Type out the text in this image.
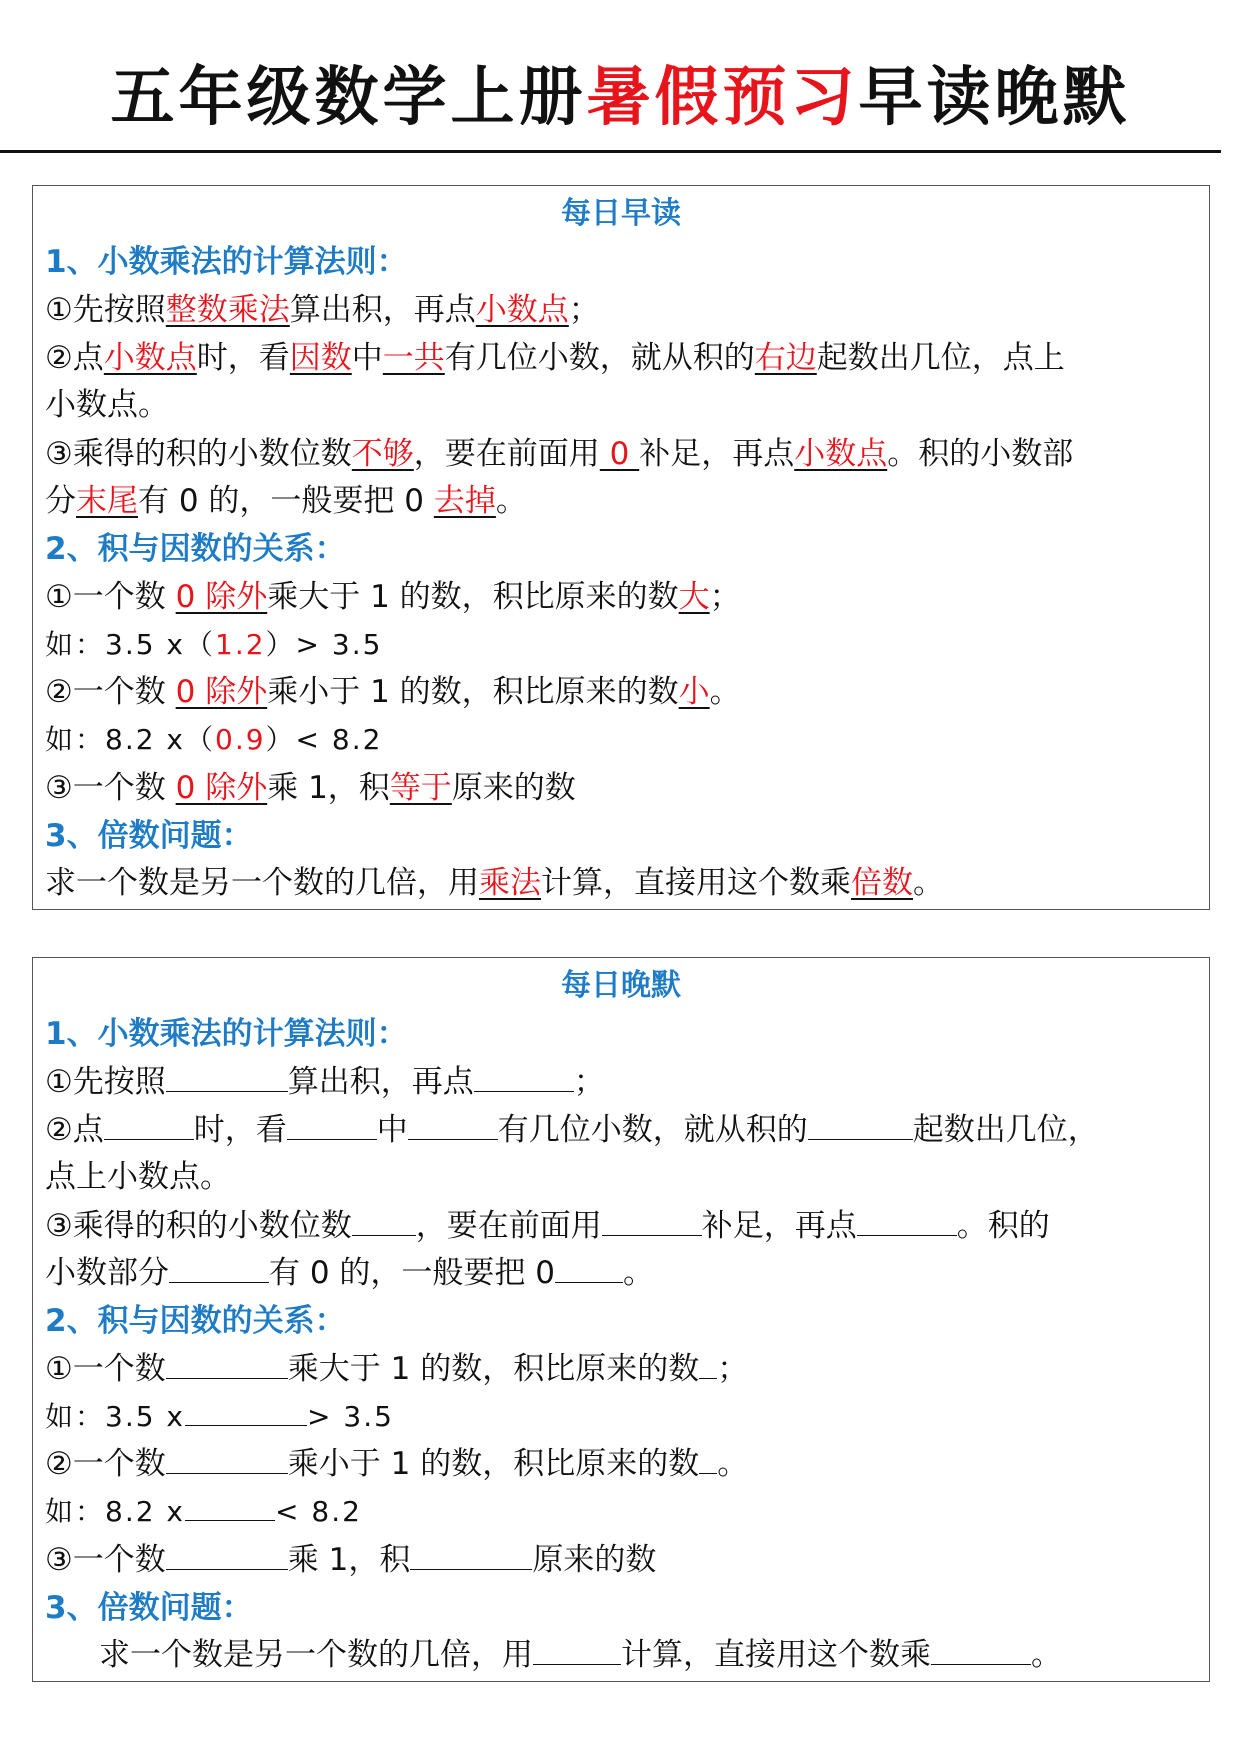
五年级数学上册暑假预习早读晚默
每日早读
1、小数乘法的计算法则：
①先按照整数乘法算出积，再点小数点；
②点小数点时，看因数中一共有几位小数，就从积的右边起数出几位，点上
小数点。
③乘得的积的小数位数不够，要在前面用 0 补足，再点小数点。积的小数部
分末尾有 0 的，一般要把 0 去掉。
2、积与因数的关系：
①一个数 0 除外乘大于 1 的数，积比原来的数大；
如：3.5 x（1.2）> 3.5
②一个数 0 除外乘小于 1 的数，积比原来的数小。
如：8.2 x（0.9）< 8.2
③一个数 0 除外乘 1，积等于原来的数
3、倍数问题：
求一个数是另一个数的几倍，用乘法计算，直接用这个数乘倍数。
每日晚默
1、小数乘法的计算法则：
①先按照	算出积，再点	；
②点	时，看	中	有几位小数，就从积的	起数出几位，
点上小数点。
③乘得的积的小数位数 ，要在前面用	补足，再点	。积的
小数部分	有 0 的，一般要把 0 。
2、积与因数的关系：
①一个数	乘大于 1 的数，积比原来的数 ；
如：3.5 x	> 3.5
②一个数	乘小于 1 的数，积比原来的数 。
如：8.2 x	< 8.2
③一个数	乘 1，积	原来的数
3、倍数问题：
求一个数是另一个数的几倍，用	计算，直接用这个数乘	。
